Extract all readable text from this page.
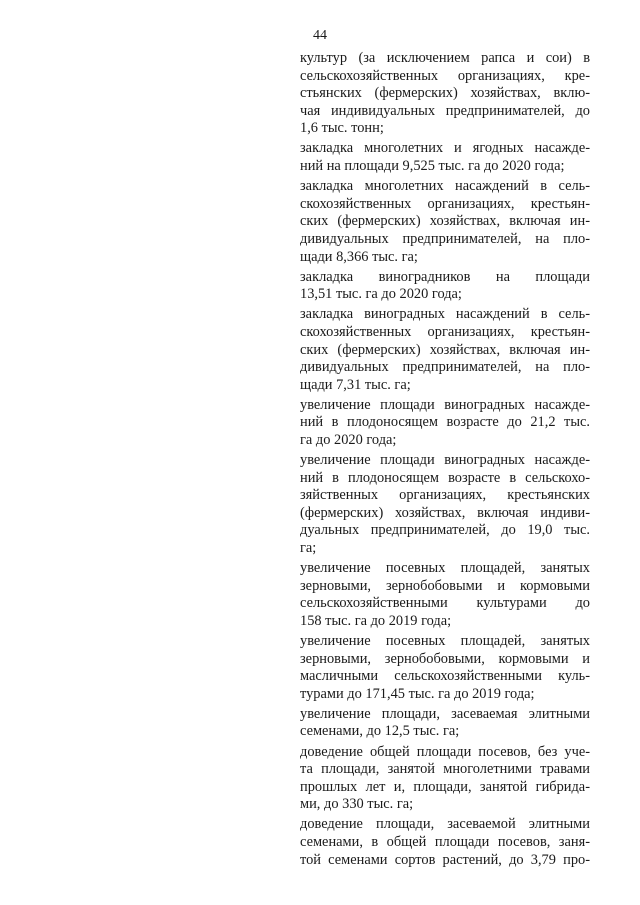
44
культур (за исключением рапса и сои) в
сельскохозяйственных организациях, кре-
стьянских (фермерских) хозяйствах, вклю-
чая индивидуальных предпринимателей, до
1,6 тыс. тонн;
закладка многолетних и ягодных насажде-
ний на площади 9,525 тыс. га до 2020 года;
закладка многолетних насаждений в сель-
скохозяйственных организациях, крестьян-
ских (фермерских) хозяйствах, включая ин-
дивидуальных предпринимателей, на пло-
щади 8,366 тыс. га;
закладка виноградников на площади
13,51 тыс. га до 2020 года;
закладка виноградных насаждений в сель-
скохозяйственных организациях, крестьян-
ских (фермерских) хозяйствах, включая ин-
дивидуальных предпринимателей, на пло-
щади 7,31 тыс. га;
увеличение площади виноградных насажде-
ний в плодоносящем возрасте до 21,2 тыс.
га до 2020 года;
увеличение площади виноградных насажде-
ний в плодоносящем возрасте в сельскохо-
зяйственных организациях, крестьянских
(фермерских) хозяйствах, включая индиви-
дуальных предпринимателей, до 19,0 тыс.
га;
увеличение посевных площадей, занятых
зерновыми, зернобобовыми и кормовыми
сельскохозяйственными культурами до
158 тыс. га до 2019 года;
увеличение посевных площадей, занятых
зерновыми, зернобобовыми, кормовыми и
масличными сельскохозяйственными куль-
турами до 171,45 тыс. га до 2019 года;
увеличение площади, засеваемая элитными
семенами, до 12,5 тыс. га;
доведение общей площади посевов, без уче-
та площади, занятой многолетними травами
прошлых лет и, площади, занятой гибрида-
ми, до 330 тыс. га;
доведение площади, засеваемой элитными
семенами, в общей площади посевов, заня-
той семенами сортов растений, до 3,79 про-
